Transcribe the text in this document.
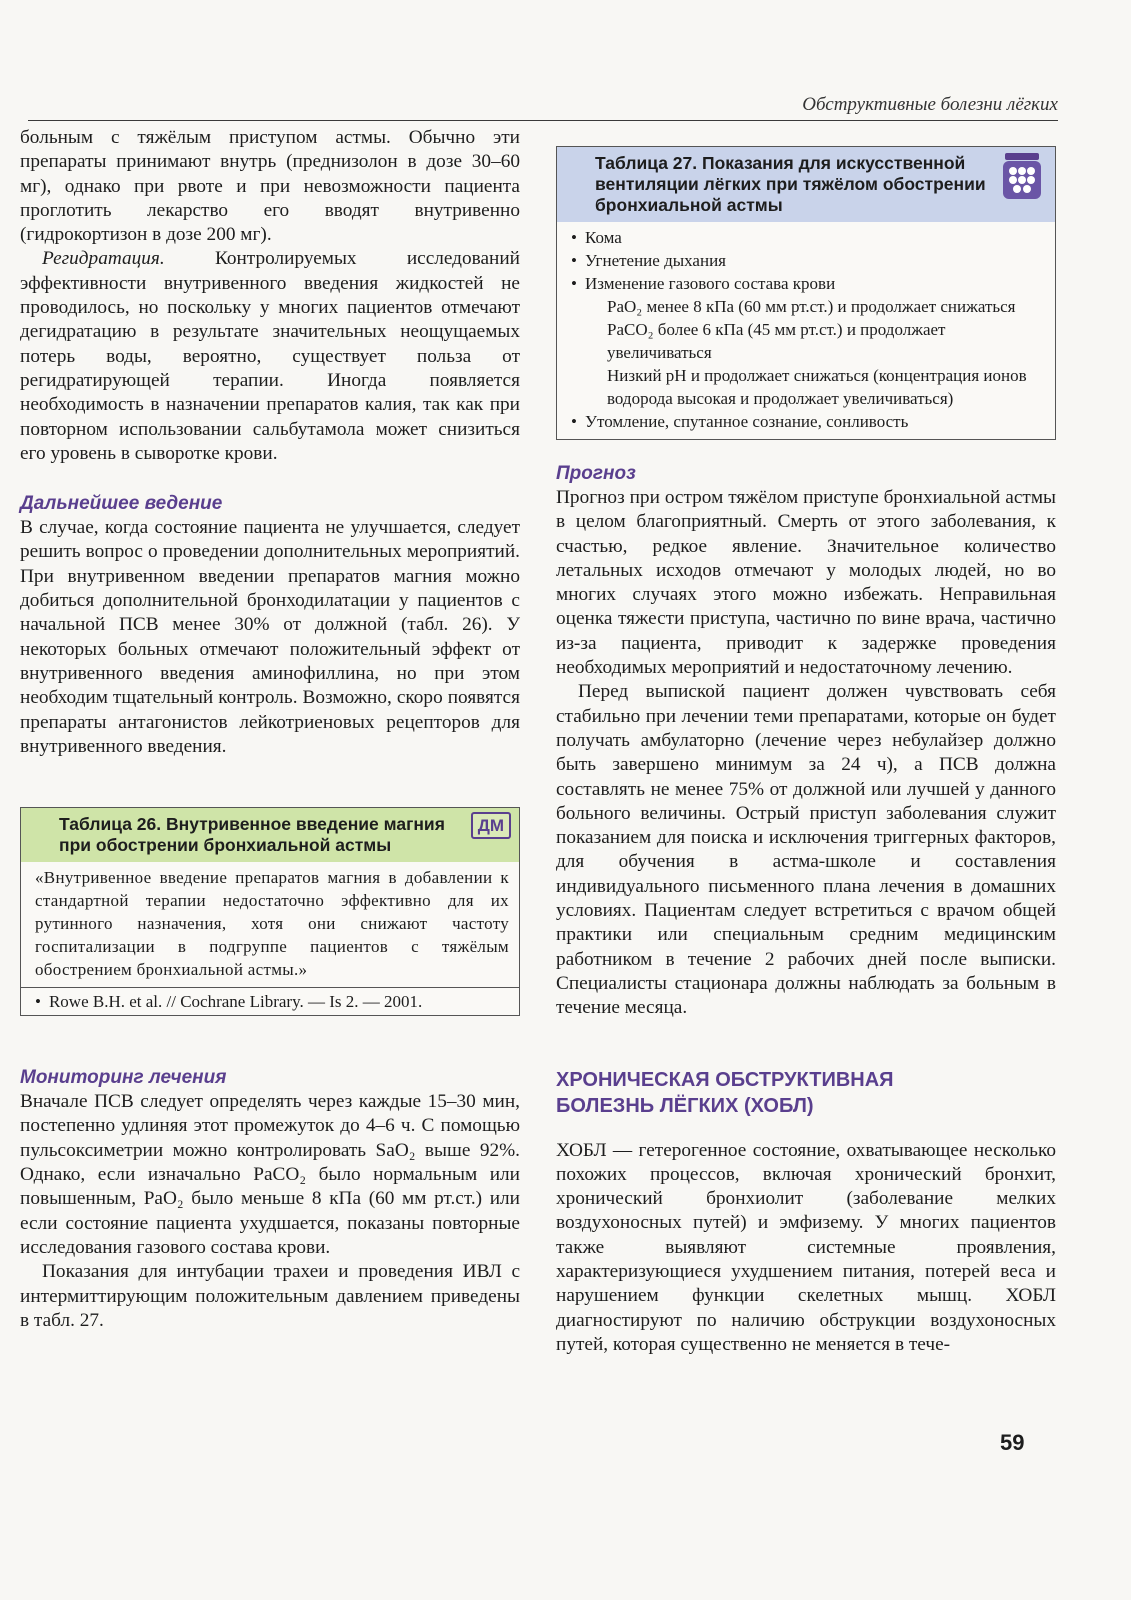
Обструктивные болезни лёгких

больным с тяжёлым приступом астмы. Обычно эти препараты принимают внутрь (преднизолон в дозе 30–60 мг), однако при рвоте и при невозможности пациента проглотить лекарство его вводят внутривенно (гидрокортизон в дозе 200 мг).

Регидратация. Контролируемых исследований эффективности внутривенного введения жидкостей не проводилось, но поскольку у многих пациентов отмечают дегидратацию в результате значительных неощущаемых потерь воды, вероятно, существует польза от регидратирующей терапии. Иногда появляется необходимость в назначении препаратов калия, так как при повторном использовании сальбутамола может снизиться его уровень в сыворотке крови.

Дальнейшее ведение

В случае, когда состояние пациента не улучшается, следует решить вопрос о проведении дополнительных мероприятий. При внутривенном введении препаратов магния можно добиться дополнительной бронходилатации у пациентов с начальной ПСВ менее 30% от должной (табл. 26). У некоторых больных отмечают положительный эффект от внутривенного введения аминофиллина, но при этом необходим тщательный контроль. Возможно, скоро появятся препараты антагонистов лейкотриеновых рецепторов для внутривенного введения.

Таблица 26. Внутривенное введение магния при обострении бронхиальной астмы
ДМ
«Внутривенное введение препаратов магния в добавлении к стандартной терапии недостаточно эффективно для их рутинного назначения, хотя они снижают частоту госпитализации в подгруппе пациентов с тяжёлым обострением бронхиальной астмы.»
• Rowe B.H. et al. // Cochrane Library. — Is 2. — 2001.
Мониторинг лечения

Вначале ПСВ следует определять через каждые 15–30 мин, постепенно удлиняя этот промежуток до 4–6 ч. С помощью пульсоксиметрии можно контролировать SaO₂ выше 92%. Однако, если изначально PaCO₂ было нормальным или повышенным, PaO₂ было меньше 8 кПа (60 мм рт.ст.) или если состояние пациента ухудшается, показаны повторные исследования газового состава крови.

Показания для интубации трахеи и проведения ИВЛ с интермиттирующим положительным давлением приведены в табл. 27.

Таблица 27. Показания для искусственной вентиляции лёгких при тяжёлом обострении бронхиальной астмы

• Кома

• Угнетение дыхания

• Изменение газового состава крови

PaO₂ менее 8 кПа (60 мм рт.ст.) и продолжает снижаться

PaCO₂ более 6 кПа (45 мм рт.ст.) и продолжает увеличиваться

Низкий pH и продолжает снижаться (концентрация ионов водорода высокая и продолжает увеличиваться)

• Утомление, спутанное сознание, сонливость

Прогноз

Прогноз при остром тяжёлом приступе бронхиальной астмы в целом благоприятный. Смерть от этого заболевания, к счастью, редкое явление. Значительное количество летальных исходов отмечают у молодых людей, но во многих случаях этого можно избежать. Неправильная оценка тяжести приступа, частично по вине врача, частично из-за пациента, приводит к задержке проведения необходимых мероприятий и недостаточному лечению.

Перед выпиской пациент должен чувствовать себя стабильно при лечении теми препаратами, которые он будет получать амбулаторно (лечение через небулайзер должно быть завершено минимум за 24 ч), а ПСВ должна составлять не менее 75% от должной или лучшей у данного больного величины. Острый приступ заболевания служит показанием для поиска и исключения триггерных факторов, для обучения в астма-школе и составления индивидуального письменного плана лечения в домашних условиях. Пациентам следует встретиться с врачом общей практики или специальным средним медицинским работником в течение 2 рабочих дней после выписки. Специалисты стационара должны наблюдать за больным в течение месяца.

ХРОНИЧЕСКАЯ ОБСТРУКТИВНАЯ
БОЛЕЗНЬ ЛЁГКИХ (ХОБЛ)

ХОБЛ — гетерогенное состояние, охватывающее несколько похожих процессов, включая хронический бронхит, хронический бронхиолит (заболевание мелких воздухоносных путей) и эмфизему. У многих пациентов также выявляют системные проявления, характеризующиеся ухудшением питания, потерей веса и нарушением функции скелетных мышц. ХОБЛ диагностируют по наличию обструкции воздухоносных путей, которая существенно не меняется в тече-

59
